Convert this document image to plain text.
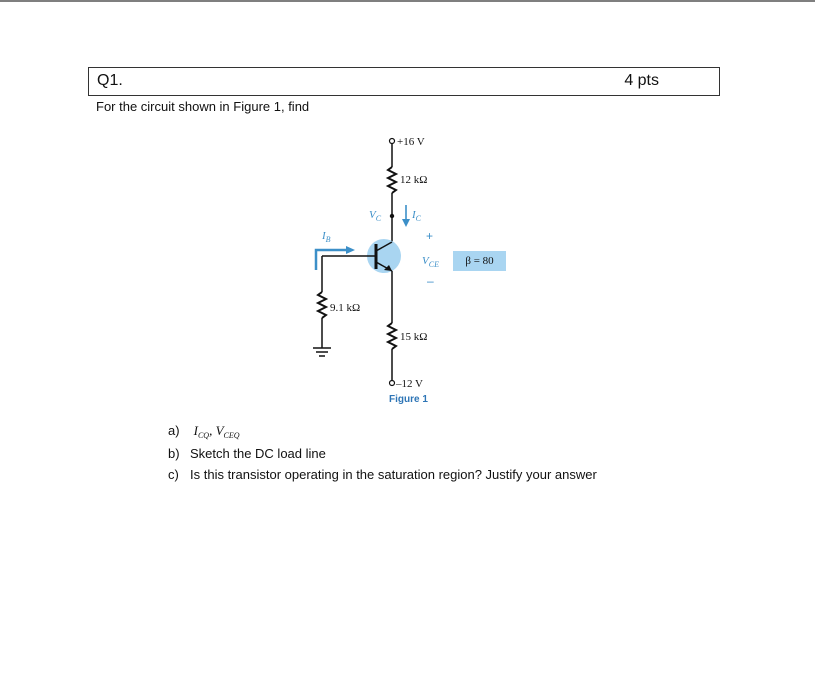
Q1.	4 pts
For the circuit shown in Figure 1, find
+16 V
12 kΩ
$V_C$	$I_C$
$I_B$	+
$V_{CE}$
–
β = 80
9.1 kΩ
15 kΩ
–12 V
Figure 1
a) $I_{CQ}$, $V_{CEQ}$
b) Sketch the DC load line
c) Is this transistor operating in the saturation region? Justify your answer
